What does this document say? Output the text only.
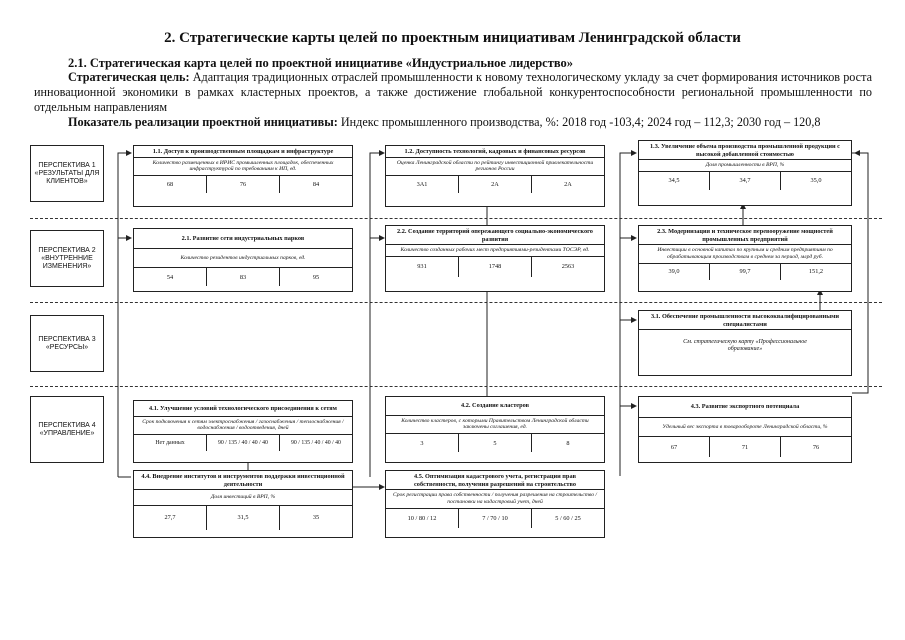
2. Стратегические карты целей по проектным инициативам Ленинградской области
2.1. Стратегическая карта целей по проектной инициативе «Индустриальное лидерство»
Стратегическая цель: Адаптация традиционных отраслей промышленности к новому технологическому укладу за счет формирования источников роста инновационной экономики в рамках кластерных проектов, а также достижение глобальной конкурентоспособности региональной промышленности по отдельным направлениям
Показатель реализации проектной инициативы: Индекс промышленного производства, %: 2018 год -103,4; 2024 год – 112,3; 2030 год – 120,8
ПЕРСПЕКТИВА 1 «РЕЗУЛЬТАТЫ ДЛЯ КЛИЕНТОВ»
ПЕРСПЕКТИВА 2 «ВНУТРЕННИЕ ИЗМЕНЕНИЯ»
ПЕРСПЕКТИВА 3 «РЕСУРСЫ»
ПЕРСПЕКТИВА 4 «УПРАВЛЕНИЕ»
1.1. Доступ к производственным площадкам и инфраструктуре
Количество размещенных в ИРИС промышленных площадок, обеспеченных инфраструктурой по требованиям к ИП, ед.
68	76	84
1.2. Доступность технологий, кадровых и финансовых ресурсов
Оценка Ленинградской области по рейтингу инвестиционной привлекательности регионов России
3A1	2A	2A
1.3. Увеличение объема производства промышленной продукции с высокой добавленной стоимостью
Доля промышленности в ВРП, %
34,5	34,7	35,0
2.1. Развитие сети индустриальных парков
Количество резидентов индустриальных парков, ед.
54	83	95
2.2. Создание территорий опережающего социально-экономического развития
Количество созданных рабочих мест предприятиями-резидентами ТОСЭР, ед.
931	1748	2563
2.3. Модернизация и техническое перевооружение мощностей промышленных предприятий
Инвестиции в основной капитал по крупным и средним предприятиям по обрабатывающим производствам в среднем за период, млрд руб.
39,0	99,7	151,2
3.1. Обеспечение промышленности высококвалифицированными специалистами
См. стратегическую карту «Профессиональное образование»
4.1. Улучшение условий технологического присоединения к сетям
Срок подключения к сетям электроснабжения / газоснабжения / теплоснабжения / водоснабжения / водоотведения, дней
Нет данных	90 / 135 / 40 / 40 / 40	90 / 135 / 40 / 40 / 40
4.2. Создание кластеров
Количество кластеров, с которыми Правительством Ленинградской области заключены соглашения, ед.
3	5	8
4.3. Развитие экспортного потенциала
Удельный вес экспорта в товарообороте Ленинградской области, %
67	71	76
4.4. Внедрение институтов и инструментов поддержки инвестиционной деятельности
Доля инвестиций в ВРП, %
27,7	31,5	35
4.5. Оптимизация кадастрового учета, регистрации прав собственности, получения разрешений на строительство
Срок регистрации права собственности / получения разрешения на строительство / постановки на кадастровый учет, дней
10 / 80 / 12	7 / 70 / 10	5 / 60 / 25
